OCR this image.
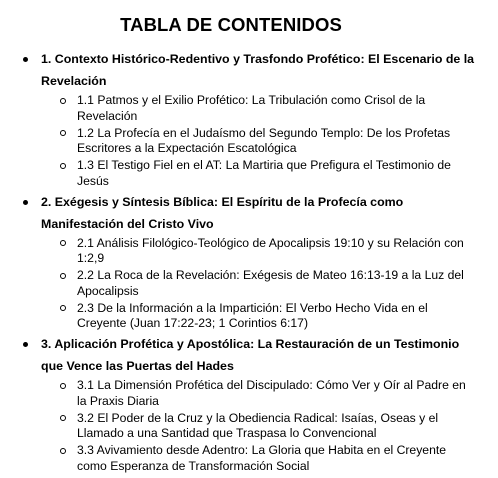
TABLA DE CONTENIDOS
1. Contexto Histórico-Redentivo y Trasfondo Profético: El Escenario de la Revelación
1.1 Patmos y el Exilio Profético: La Tribulación como Crisol de la Revelación
1.2 La Profecía en el Judaísmo del Segundo Templo: De los Profetas Escritores a la Expectación Escatológica
1.3 El Testigo Fiel en el AT: La Martiria que Prefigura el Testimonio de Jesús
2. Exégesis y Síntesis Bíblica: El Espíritu de la Profecía como Manifestación del Cristo Vivo
2.1 Análisis Filológico-Teológico de Apocalipsis 19:10 y su Relación con 1:2,9
2.2 La Roca de la Revelación: Exégesis de Mateo 16:13-19 a la Luz del Apocalipsis
2.3 De la Información a la Impartición: El Verbo Hecho Vida en el Creyente (Juan 17:22-23; 1 Corintios 6:17)
3. Aplicación Profética y Apostólica: La Restauración de un Testimonio que Vence las Puertas del Hades
3.1 La Dimensión Profética del Discipulado: Cómo Ver y Oír al Padre en la Praxis Diaria
3.2 El Poder de la Cruz y la Obediencia Radical: Isaías, Oseas y el Llamado a una Santidad que Traspasa lo Convencional
3.3 Avivamiento desde Adentro: La Gloria que Habita en el Creyente como Esperanza de Transformación Social
